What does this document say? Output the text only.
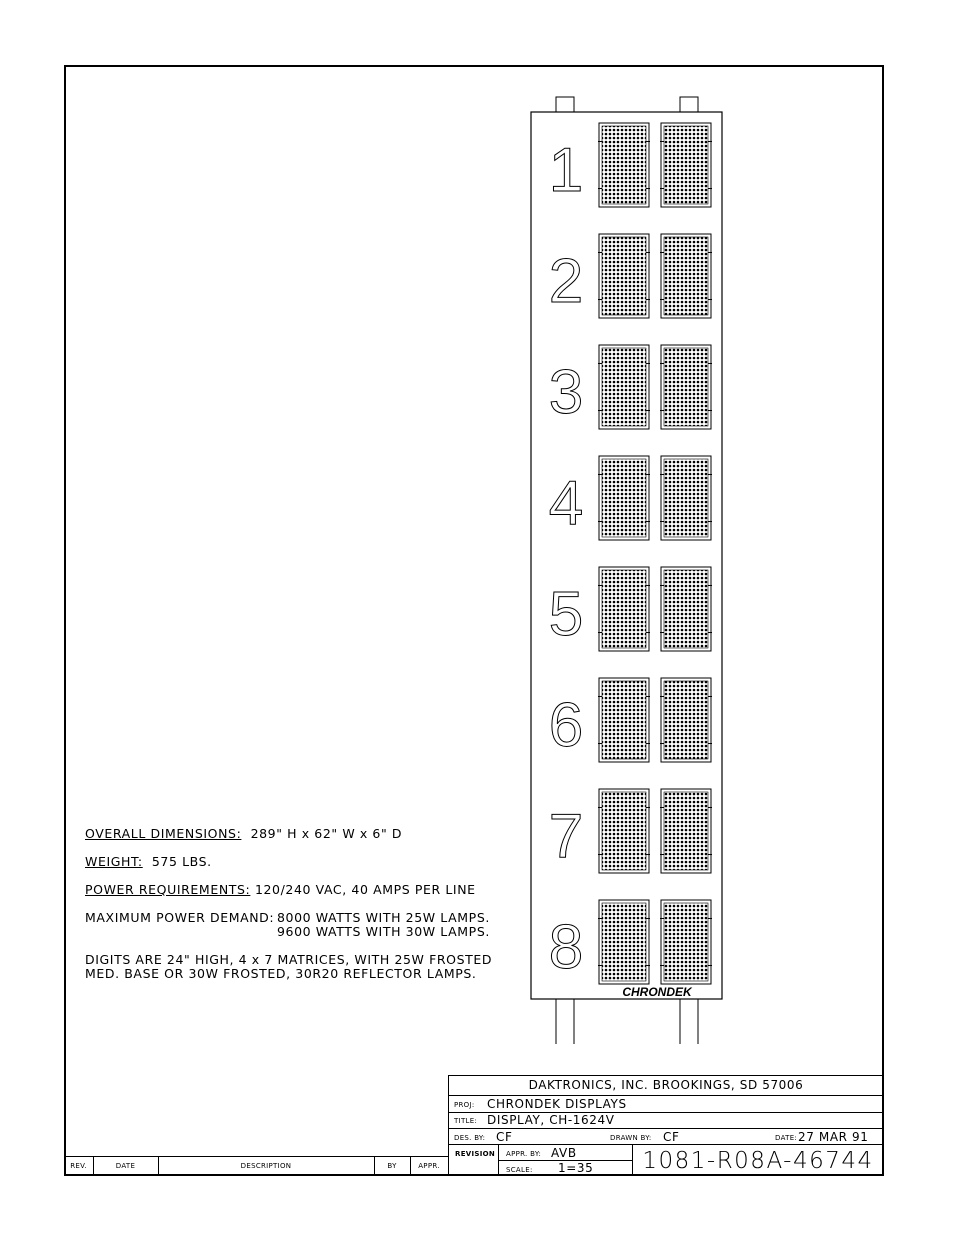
1
2
3
4
5
6
7
8
CHRONDEK
OVERALL DIMENSIONS: 289" H x 62" W x 6" D
WEIGHT: 575 LBS.
POWER REQUIREMENTS: 120/240 VAC, 40 AMPS PER LINE
MAXIMUM POWER DEMAND: 8000 WATTS WITH 25W LAMPS.
9600 WATTS WITH 30W LAMPS.
DIGITS ARE 24" HIGH, 4 x 7 MATRICES, WITH 25W FROSTED
MED. BASE OR 30W FROSTED, 30R20 REFLECTOR LAMPS.
DAKTRONICS, INC. BROOKINGS, SD 57006
PROJ: CHRONDEK DISPLAYS
TITLE: DISPLAY, CH-1624V
DES. BY: CF	DRAWN BY: CF	DATE: 27 MAR 91
REVISION APPR. BY: AVB
SCALE: 1=35	1081-R08A-46744
REV.	DATE	DESCRIPTION	BY	APPR.
